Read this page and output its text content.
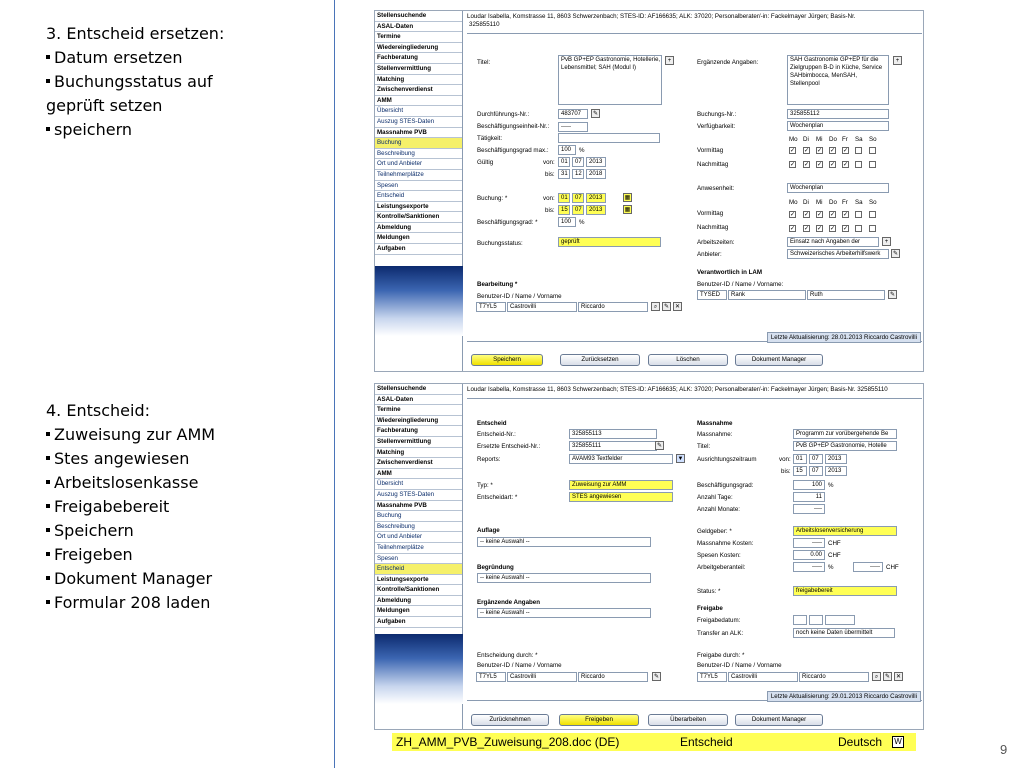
3. Entscheid ersetzen:
Datum ersetzen
Buchungsstatus auf
geprüft setzen
speichern
4. Entscheid:
Zuweisung zur AMM
Stes angewiesen
Arbeitslosenkasse
Freigabebereit
Speichern
Freigeben
Dokument Manager
Formular 208 laden
Stellensuchende
ASAL-Daten
Termine
Wiedereingliederung
Fachberatung
Stellenvermittlung
Matching
Zwischenverdienst
AMM
Übersicht
Auszug STES-Daten
Massnahme PVB
Buchung
Beschreibung
Ort und Anbieter
Teilnehmerplätze
Spesen
Entscheid
Leistungsexporte
Kontrolle/Sanktionen
Abmeldung
Meldungen
Aufgaben
Loudar Isabella, Komstrasse 11, 8603 Schwerzenbach; STES-ID: AF166635; ALK: 37020; Personalberater/-in: Fackelmayer Jürgen; Basis-Nr.
325855110
Titel:	PvB GP+EP Gastronomie, Hotellerie, Lebensmittel; SAH (Modul I)
+
Durchführungs-Nr.:	483707	✎
Beschäftigungseinheit-Nr.:	-----
Tätigkeit:
Beschäftigungsgrad max.:	100	%
Gültig	von:	01	07	2013
bis:	31	12	2018
Buchung: *	von:	01	07	2013	▦
bis:	15	07	2013	▦
Beschäftigungsgrad: *	100	%
Buchungsstatus:	geprüft
Bearbeitung *
Benutzer-ID / Name / Vorname
T7YL5	Castrovilli	Riccardo	⌕	✎ ✕
Ergänzende Angaben:	SAH Gastronomie GP+EP für die Zielgruppen B-D in Küche, Service SAHbimbocca, MenSAH, Stellenpool
+
Buchungs-Nr.:	325855112
Verfügbarkeit:	Wochenplan
Mo Di Mi Do Fr Sa So
Vormittag	✓ ✓ ✓ ✓ ✓
Nachmittag	✓ ✓ ✓ ✓ ✓
Anwesenheit:	Wochenplan
Mo Di Mi Do Fr Sa So
Vormittag	✓ ✓ ✓ ✓ ✓
Nachmittag	✓ ✓ ✓ ✓ ✓
Arbeitszeiten:	Einsatz nach Angaben der	+
Anbieter:	Schweizerisches Arbeiterhilfswerk	✎
Verantwortlich in LAM
Benutzer-ID / Name / Vorname:
TYSED	Rank	Ruth	✎
Letzte Aktualisierung: 28.01.2013 Riccardo Castrovilli
Speichern	Zurücksetzen	Löschen	Dokument Manager
Stellensuchende
ASAL-Daten
Termine
Wiedereingliederung
Fachberatung
Stellenvermittlung
Matching
Zwischenverdienst
AMM
Übersicht
Auszug STES-Daten
Massnahme PVB
Buchung
Beschreibung
Ort und Anbieter
Teilnehmerplätze
Spesen
Entscheid
Leistungsexporte
Kontrolle/Sanktionen
Abmeldung
Meldungen
Aufgaben
Loudar Isabella, Komstrasse 11, 8603 Schwerzenbach; STES-ID: AF166635; ALK: 37020; Personalberater/-in: Fackelmayer Jürgen; Basis-Nr. 325855110
Entscheid
Entscheid-Nr.:	325855113
Ersetzte Entscheid-Nr.:	325855111	✎
Reports:	AVAM93 Textfelder	▼
Typ: *	Zuweisung zur AMM
Entscheidart: *	STES angewiesen
Auflage
-- keine Auswahl --
Begründung
-- keine Auswahl --
Ergänzende Angaben
-- keine Auswahl --
Entscheidung durch: *
Benutzer-ID / Name / Vorname
T7YL5	Castrovilli	Riccardo	✎
Massnahme
Massnahme:	Programm zur vorübergehende Be
Titel:	PvB GP+EP Gastronomie, Hotelle
Ausrichtungszeitraum	von: 01	07	2013
bis: 15	07	2013
Beschäftigungsgrad:	100 %
Anzahl Tage:	11
Anzahl Monate:	----
Geldgeber: *	Arbeitslosenversicherung
Massnahme Kosten:	----- CHF
Spesen Kosten:	0.00 CHF
Arbeitgeberanteil:	----- %	----- CHF
Status: *	freigabebereit
Freigabe
Freigabedatum:
Transfer an ALK:	noch keine Daten übermittelt
Freigabe durch: *
Benutzer-ID / Name / Vorname
T7YL5	Castrovilli	Riccardo	⌕	✎ ✕
Letzte Aktualisierung: 29.01.2013 Riccardo Castrovilli
Zurücknehmen	Freigeben	Überarbeiten	Dokument Manager
ZH_AMM_PVB_Zuweisung_208.doc (DE)	Entscheid	Deutsch W
9
